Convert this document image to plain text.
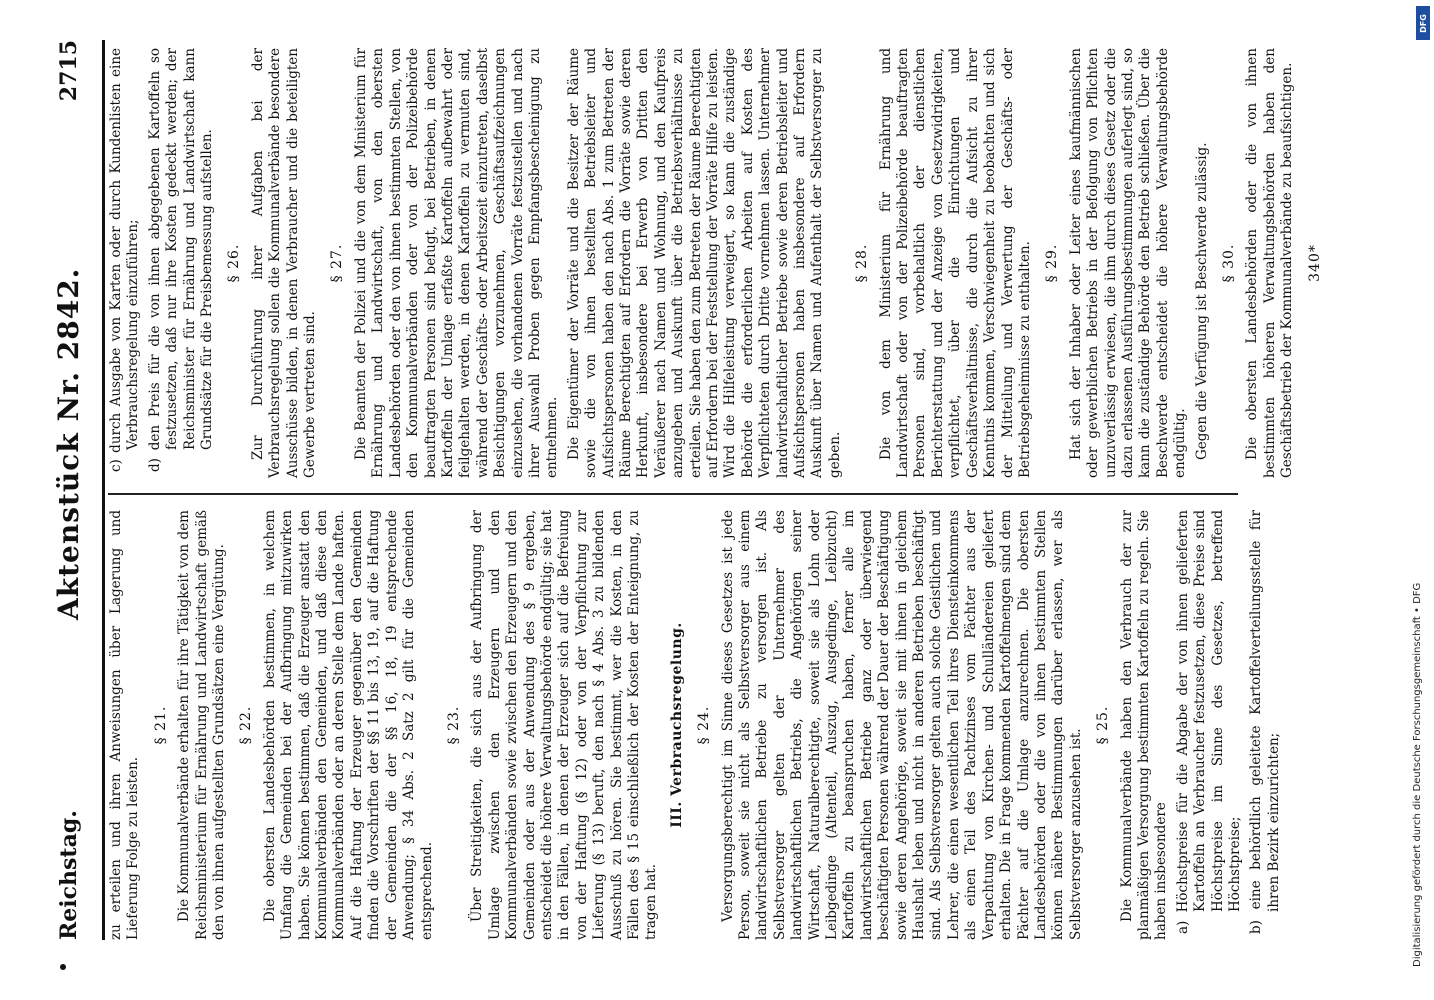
Reichstag.
Aktenstück Nr. 2842.
2715

zu erteilen und ihren Anweisungen über Lagerung und Lieferung Folge zu leisten.

§ 21. Die Kommunalverbände erhalten für ihre Tätigkeit von dem Reichsministerium für Ernährung und Landwirtschaft gemäß den von ihnen aufgestellten Grundsätzen eine Vergütung. § 22. Die obersten Landesbehörden bestimmen, in welchem Umfang die Gemeinden bei der Aufbringung mitzuwirken haben. Sie können bestimmen, daß die Erzeuger anstatt den Kommunalverbänden den Gemeinden, und daß diese den Kommunalverbänden oder an deren Stelle dem Lande haften. Auf die Haftung der Erzeuger gegenüber den Gemeinden finden die Vorschriften der §§ 11 bis 13, 19, auf die Haftung der Gemeinden die der §§ 16, 18, 19 entsprechende Anwendung; § 34 Abs. 2 Satz 2 gilt für die Gemeinden entsprechend.

§ 23. Über Streitigkeiten, die sich aus der Aufbringung der Umlage zwischen den Erzeugern und den Kommunalverbänden sowie zwischen den Erzeugern und den Gemeinden oder aus der Anwendung des § 9 ergeben, entscheidet die höhere Verwaltungsbehörde endgültig; sie hat in den Fällen, in denen der Erzeuger sich auf die Befreiung von der Haftung (§ 12) oder von der Verpflichtung zur Lieferung (§ 13) beruft, den nach § 4 Abs. 3 zu bildenden Ausschuß zu hören. Sie bestimmt, wer die Kosten, in den Fällen des § 15 einschließlich der Kosten der Enteignung, zu tragen hat.

III. Verbrauchsregelung. § 24. Versorgungsberechtigt im Sinne dieses Gesetzes ist jede Person, soweit sie nicht als Selbstversorger aus einem landwirtschaftlichen Betriebe zu versorgen ist. Als Selbstversorger gelten der Unternehmer des landwirtschaftlichen Betriebs, die Angehörigen seiner Wirtschaft, Naturalberechtigte, soweit sie als Lohn oder Leibgedinge (Altenteil, Auszug, Ausgedinge, Leibzucht) Kartoffeln zu beanspruchen haben, ferner alle im landwirtschaftlichen Betriebe ganz oder überwiegend beschäftigten Personen während der Dauer der Beschäftigung sowie deren Angehörige, soweit sie mit ihnen in gleichem Haushalt leben und nicht in anderen Betrieben beschäftigt sind. Als Selbstversorger gelten auch solche Geistlichen und Lehrer, die einen wesentlichen Teil ihres Diensteinkommens als einen Teil des Pachtzinses vom Pächter aus der Verpachtung von Kirchen- und Schulländereien geliefert erhalten. Die in Frage kommenden Kartoffelmengen sind dem Pächter auf die Umlage anzurechnen. Die obersten Landesbehörden oder die von ihnen bestimmten Stellen können nähere Bestimmungen darüber erlassen, wer als Selbstversorger anzusehen ist.

§ 25. Die Kommunalverbände haben den Verbrauch der zur planmäßigen Versorgung bestimmten Kartoffeln zu regeln. Sie haben insbesondere a) Höchstpreise für die Abgabe der von ihnen gelieferten Kartoffeln an Verbraucher festzusetzen, diese Preise sind Höchstpreise im Sinne des Gesetzes, betreffend Höchstpreise; b) eine behördlich geleitete Kartoffelverteilungsstelle für ihren Bezirk einzurichten;
c) durch Ausgabe von Karten oder durch Kundenlisten eine Verbrauchsregelung einzuführen; d) den Preis für die von ihnen abgegebenen Kartoffeln so festzusetzen, daß nur ihre Kosten gedeckt werden; der Reichsminister für Ernährung und Landwirtschaft kann Grundsätze für die Preisbemessung aufstellen. § 26. Zur Durchführung ihrer Aufgaben bei der Verbrauchsregelung sollen die Kommunalverbände besondere Ausschüsse bilden, in denen Verbraucher und die beteiligten Gewerbe vertreten sind.

§ 27. Die Beamten der Polizei und die von dem Ministerium für Ernährung und Landwirtschaft, von den obersten Landesbehörden oder den von ihnen bestimmten Stellen, von den Kommunalverbänden oder von der Polizeibehörde beauftragten Personen sind befugt, bei Betrieben, in denen Kartoffeln der Umlage erfaßte Kartoffeln aufbewahrt oder feilgehalten werden, in denen Kartoffeln zu vermuten sind, während der Geschäfts- oder Arbeitszeit einzutreten, daselbst Besichtigungen vorzunehmen, Geschäftsaufzeichnungen einzusehen, die vorhandenen Vorräte festzustellen und nach ihrer Auswahl Proben gegen Empfangsbescheinigung zu entnehmen. Die Eigentümer der Vorräte und die Besitzer der Räume sowie die von ihnen bestellten Betriebsleiter und Aufsichtspersonen haben den nach Abs. 1 zum Betreten der Räume Berechtigten auf Erfordern die Vorräte sowie deren Herkunft, insbesondere bei Erwerb von Dritten den Veräußerer nach Namen und Wohnung, und den Kaufpreis anzugeben und Auskunft über die Betriebsverhältnisse zu erteilen. Sie haben den zum Betreten der Räume Berechtigten auf Erfordern bei der Feststellung der Vorräte Hilfe zu leisten. Wird die Hilfeleistung verweigert, so kann die zuständige Behörde die erforderlichen Arbeiten auf Kosten des Verpflichteten durch Dritte vornehmen lassen. Unternehmer landwirtschaftlicher Betriebe sowie deren Betriebsleiter und Aufsichtspersonen haben insbesondere auf Erfordern Auskunft über Namen und Aufenthalt der Selbstversorger zu geben.

§ 28. Die von dem Ministerium für Ernährung und Landwirtschaft oder von der Polizeibehörde beauftragten Personen sind, vorbehaltlich der dienstlichen Berichterstattung und der Anzeige von Gesetzwidrigkeiten, verpflichtet, über die Einrichtungen und Geschäftsverhältnisse, die durch die Aufsicht zu ihrer Kenntnis kommen, Verschwiegenheit zu beobachten und sich der Mitteilung und Verwertung der Geschäfts- oder Betriebsgeheimnisse zu enthalten. § 29. Hat sich der Inhaber oder Leiter eines kaufmännischen oder gewerblichen Betriebs in der Befolgung von Pflichten unzuverlässig erwiesen, die ihm durch dieses Gesetz oder die dazu erlassenen Ausführungsbestimmungen auferlegt sind, so kann die zuständige Behörde den Betrieb schließen. Über die Beschwerde entscheidet die höhere Verwaltungsbehörde endgültig. Gegen die Verfügung ist Beschwerde zulässig. § 30. Die obersten Landesbehörden oder die von ihnen bestimmten höheren Verwaltungsbehörden haben den Geschäftsbetrieb der Kommunalverbände zu beaufsichtigen. 340*
Digitalisierung gefördert durch die Deutsche Forschungsgemeinschaft • DFG
DFG
